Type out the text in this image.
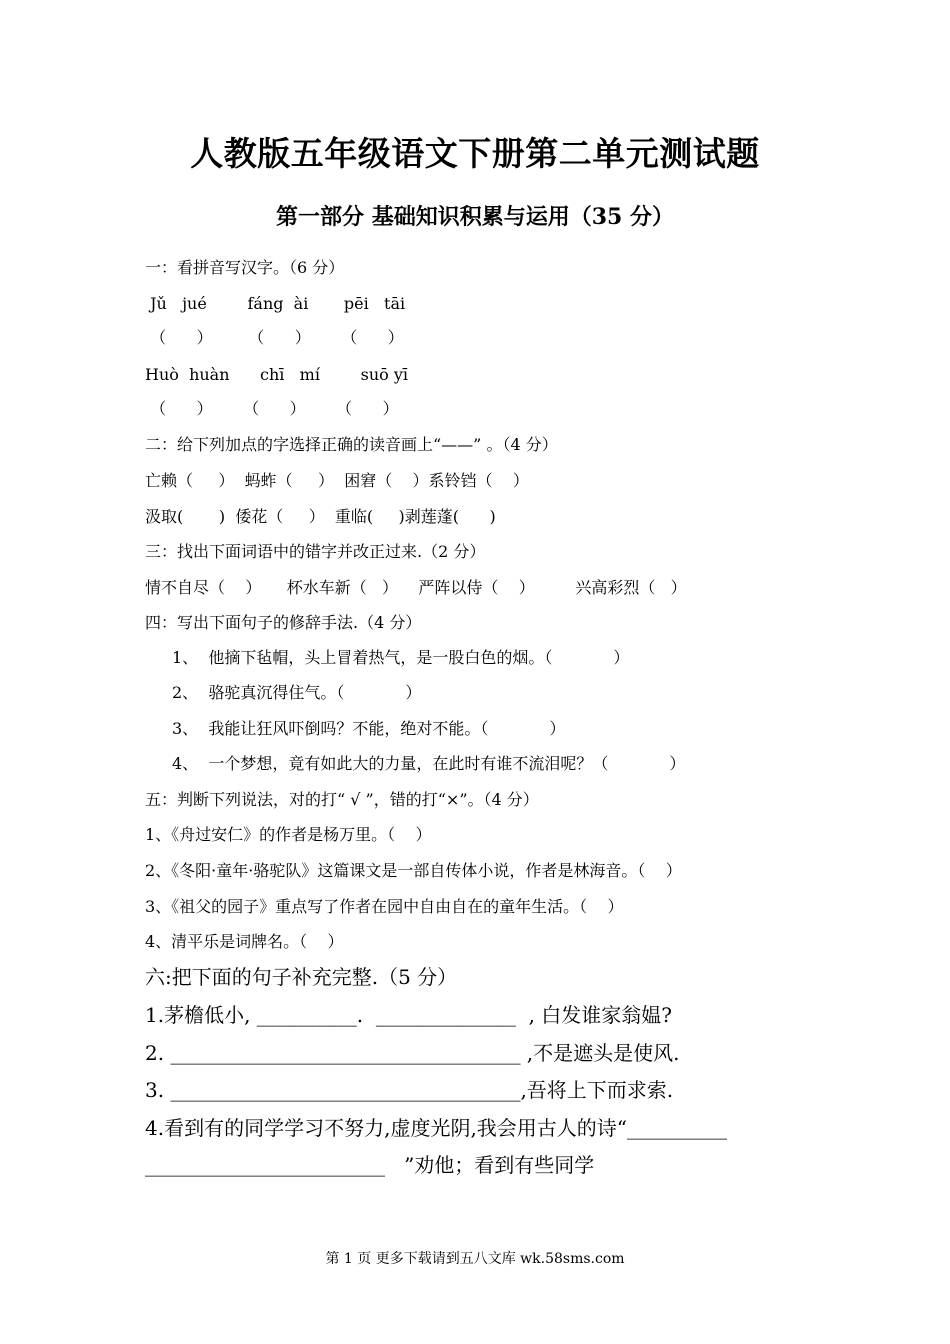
人教版五年级语文下册第二单元测试题
第一部分 基础知识积累与运用（35 分）
一：看拼音写汉字。（6 分）
Jǔ   jué        fáng  ài       pēi   tāi
（      ）       （      ）      （      ）
Huò  huàn      chī   mí        suō yī
（      ）      （      ）      （      ）
二：给下列加点的字选择正确的读音画上“——” 。（4 分）
亡赖（     ）  蚂蚱（     ）  困窘（    ）系铃铛（    ）
汲取(       )  倭花（     ）  重临(     )剥莲蓬(      )
三：找出下面词语中的错字并改正过来.（2 分）
情不自尽（    ）     杯水车新（   ）    严阵以侍（    ）        兴高彩烈（   ）
四：写出下面句子的修辞手法.（4 分）
1、  他摘下毡帽，头上冒着热气，是一股白色的烟。（            ）
2、  骆驼真沉得住气。（            ）
3、  我能让狂风吓倒吗？不能，绝对不能。（            ）
4、  一个梦想，竟有如此大的力量，在此时有谁不流泪呢？（            ）
五：判断下列说法，对的打“ √ ”，错的打“×”。（4 分）
1、《舟过安仁》的作者是杨万里。（    ）
2、《冬阳·童年·骆驼队》这篇课文是一部自传体小说，作者是林海音。（    ）
3、《祖父的园子》重点写了作者在园中自由自在的童年生活。（    ）
4、清平乐是词牌名。（    ）
六:把下面的句子补充完整.（5 分）
1.茅檐低小, __________.  ______________  , 白发谁家翁媪?
2. ___________________________________ ,不是遮头是使风.
3. ___________________________________,吾将上下而求索.
4.看到有的同学学习不努力,虚度光阴,我会用古人的诗“__________
________________________   ”劝他；看到有些同学
第 1 页 更多下载请到五八文库 wk.58sms.com
